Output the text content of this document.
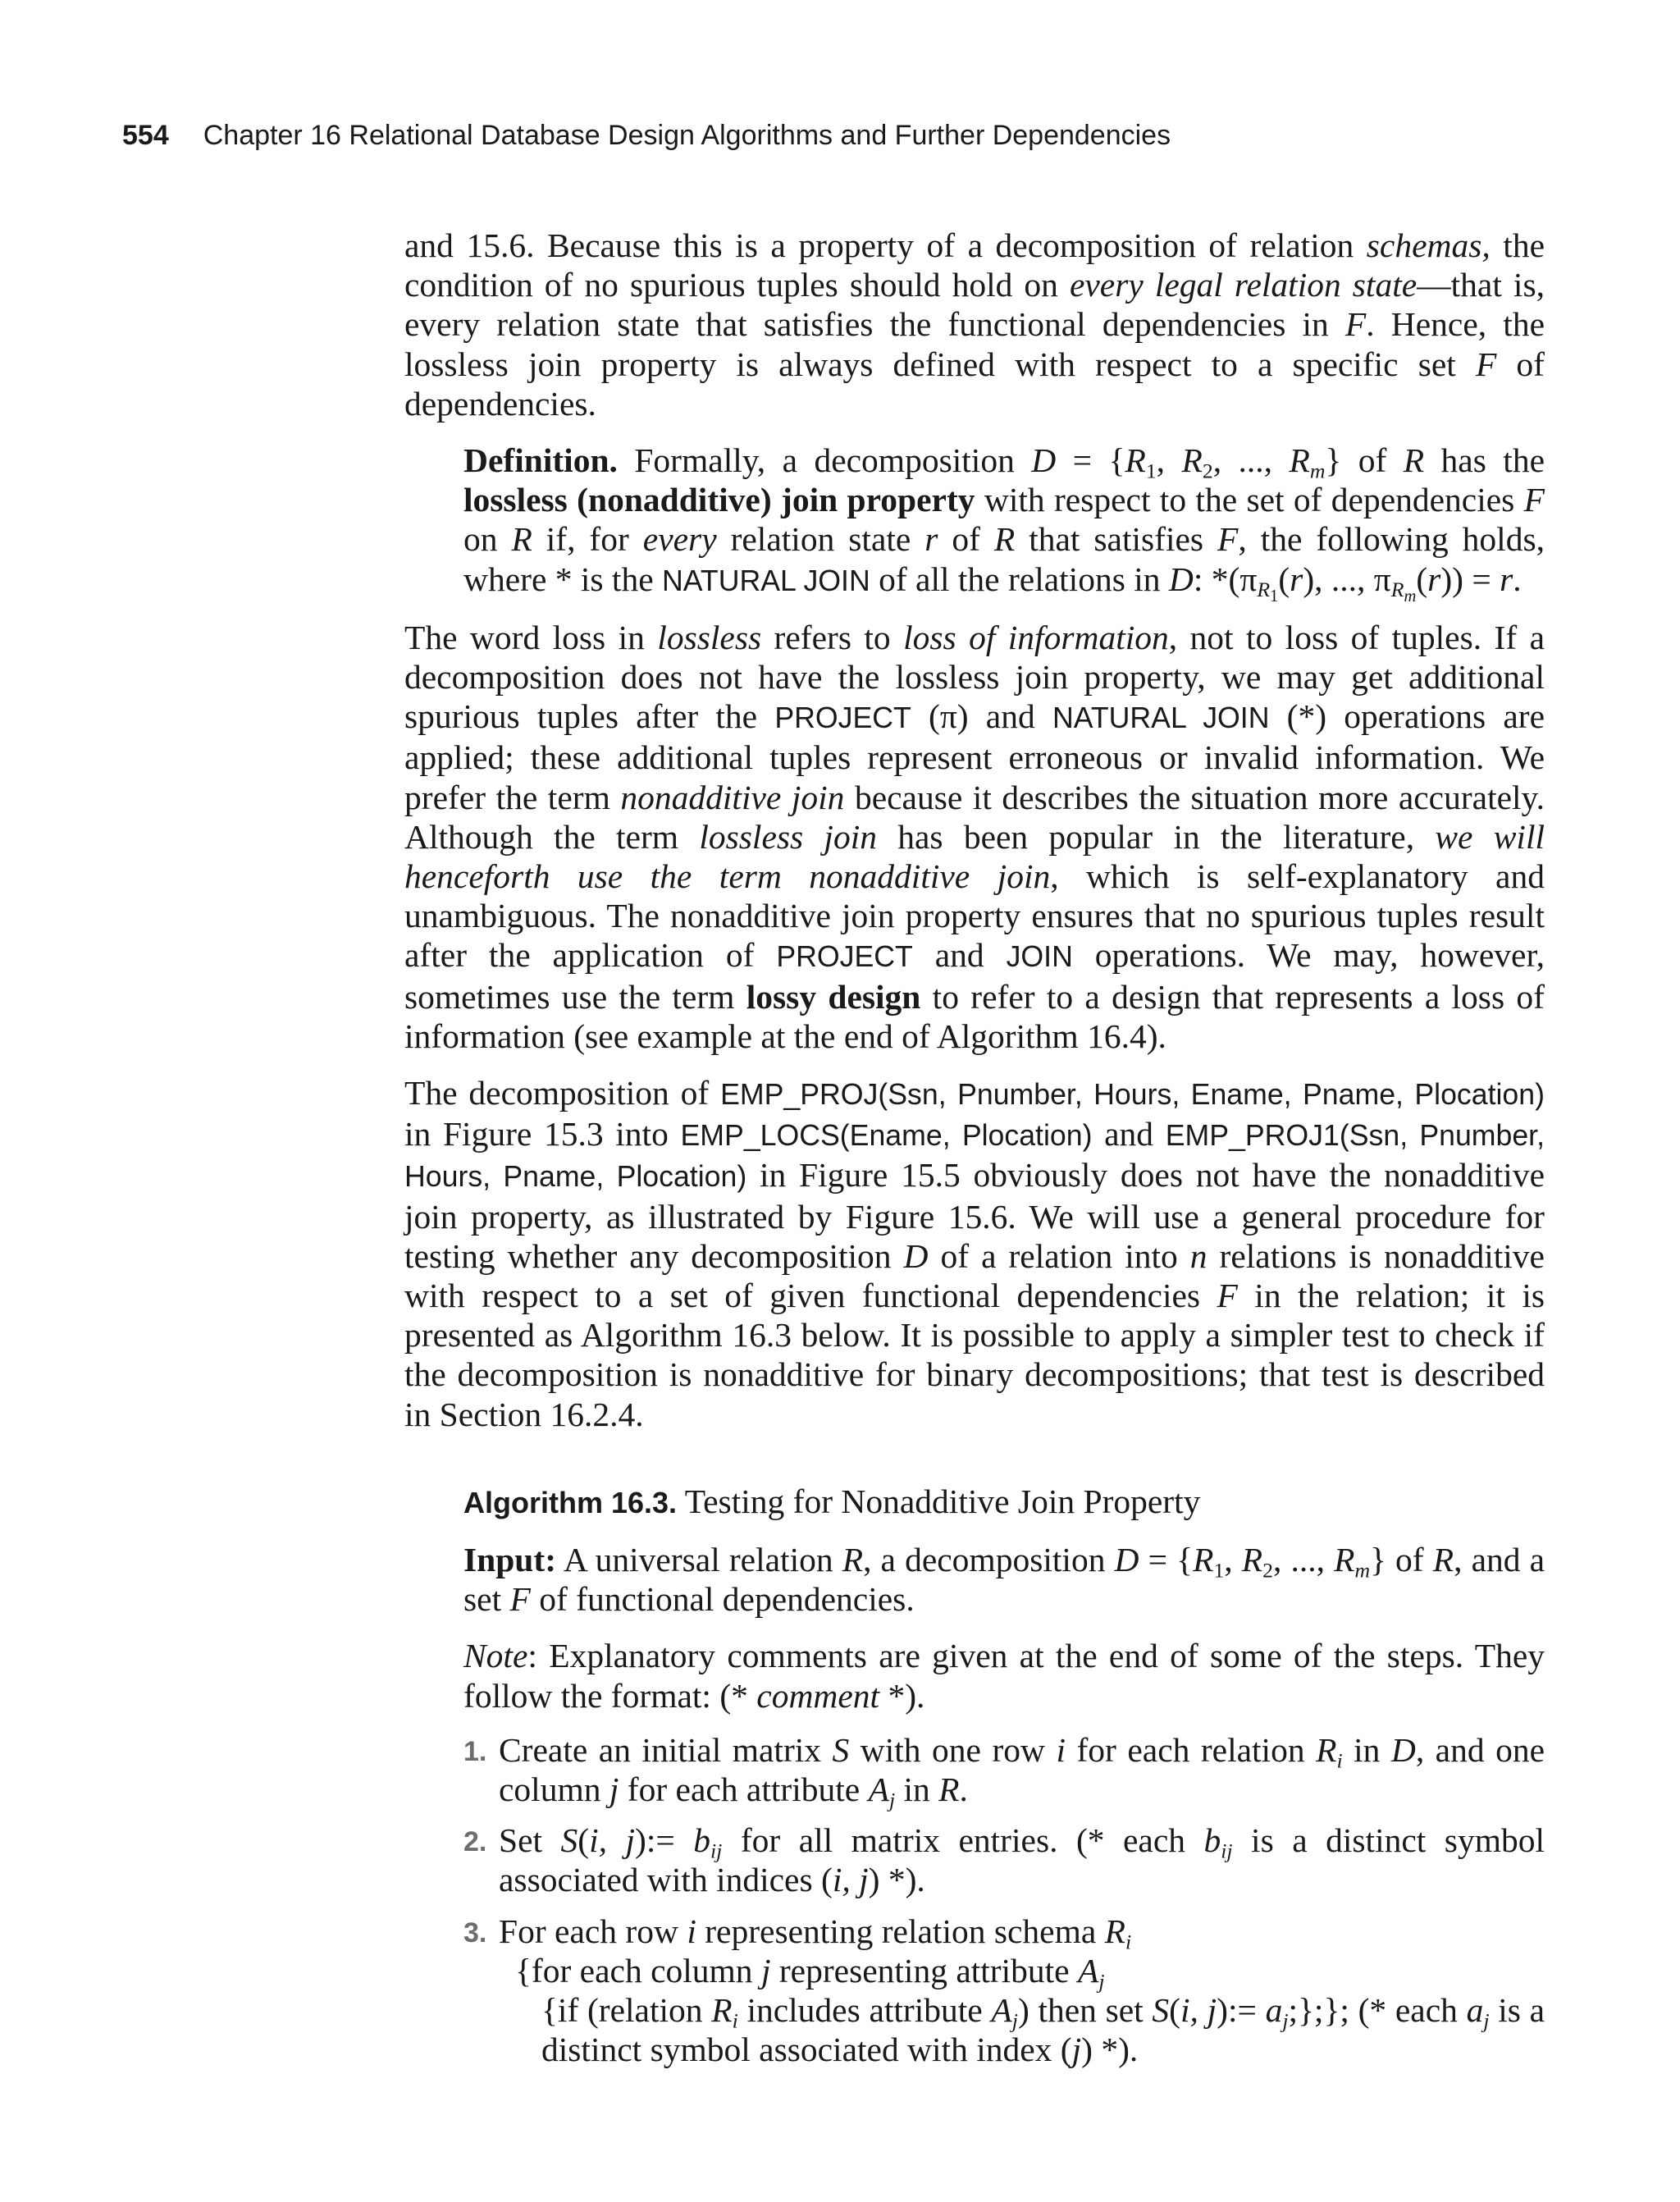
554 Chapter 16 Relational Database Design Algorithms and Further Dependencies

and 15.6. Because this is a property of a decomposition of relation schemas, the condition of no spurious tuples should hold on every legal relation state—that is, every relation state that satisfies the functional dependencies in F. Hence, the lossless join property is always defined with respect to a specific set F of dependencies.

Definition. Formally, a decomposition $D = \{R_1$, $R_2$, ..., $R_m$} of R has the lossless (nonadditive) join property with respect to the set of dependencies F on R if, for every relation state r of R that satisfies F, the following holds, where * is the NATURAL JOIN of all the relations in D: $*(\pi_{R_1}(r)$, ..., $\pi_{R_m}(r)) = r$.

The word loss in lossless refers to loss of information, not to loss of tuples. If a decomposition does not have the lossless join property, we may get additional spurious tuples after the PROJECT (π) and NATURAL JOIN (*) operations are applied; these additional tuples represent erroneous or invalid information. We prefer the term nonadditive join because it describes the situation more accurately. Although the term lossless join has been popular in the literature, we will henceforth use the term nonadditive join, which is self-explanatory and unambiguous. The nonadditive join property ensures that no spurious tuples result after the application of PROJECT and JOIN operations. We may, however, sometimes use the term lossy design to refer to a design that represents a loss of information (see example at the end of Algorithm 16.4).

The decomposition of EMP_PROJ(Ssn, Pnumber, Hours, Ename, Pname, Plocation) in Figure 15.3 into EMP_LOCS(Ename, Plocation) and EMP_PROJ1(Ssn, Pnumber, Hours, Pname, Plocation) in Figure 15.5 obviously does not have the nonadditive join property, as illustrated by Figure 15.6. We will use a general procedure for testing whether any decomposition D of a relation into n relations is nonadditive with respect to a set of given functional dependencies F in the relation; it is presented as Algorithm 16.3 below. It is possible to apply a simpler test to check if the decomposition is nonadditive for binary decompositions; that test is described in Section 16.2.4.

Algorithm 16.3. Testing for Nonadditive Join Property

Input: A universal relation R, a decomposition $D = \{R_1$, $R_2$, ..., $R_m$} of R, and a set F of functional dependencies.

Note: Explanatory comments are given at the end of some of the steps. They follow the format: (* comment *).

1. Create an initial matrix S with one row i for each relation $R_i$ in D, and one column j for each attribute $A_j$ in R.
2. Set S(i, j):= $b_{ij}$ for all matrix entries. (* each $b_{ij}$ is a distinct symbol associated with indices (i, j) *).
3. For each row i representing relation schema $R_i$
{for each column j representing attribute $A_j$
{if (relation $R_i$ includes attribute $A_j$) then set S(i, j):= $a_j$;};}; (* each $a_j$ is a distinct symbol associated with index (j) *).
